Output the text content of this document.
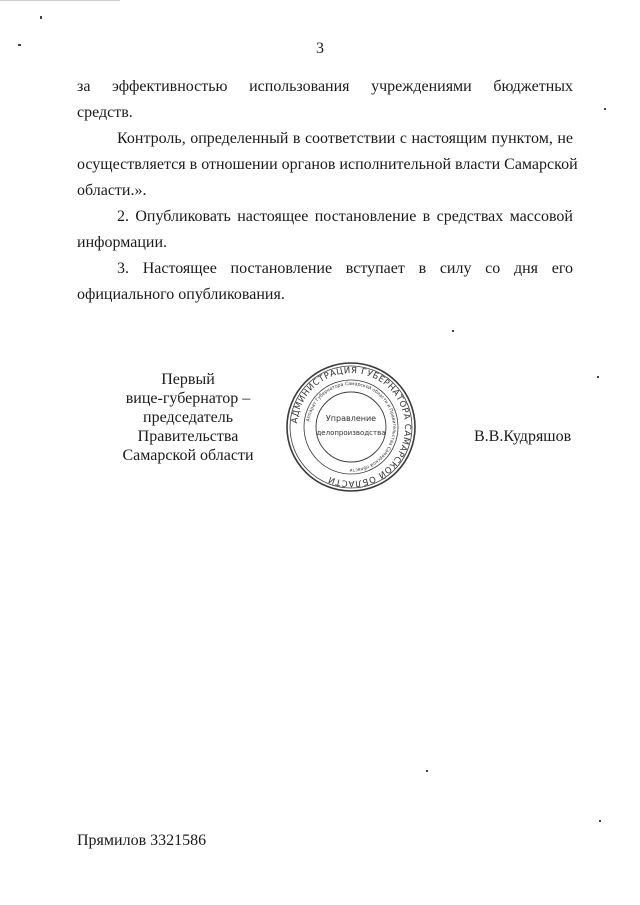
3
за эффективностью использования учреждениями бюджетных
средств.
Контроль, определенный в соответствии с настоящим пунктом, не
осуществляется в отношении органов исполнительной власти Самарской
области.».
2. Опубликовать настоящее постановление в средствах массовой
информации.
3. Настоящее постановление вступает в силу со дня его
официального опубликования.
Первый
вице-губернатор –
председатель Правительства
Самарской области
АДМИНИСТРАЦИЯ ГУБЕРНАТОРА САМАРСКОЙ ОБЛАСТИ
Аппарат Губернатора Самарской области и Правительства Самарской области
Управление
делопроизводства	В.В.Кудряшов
Прямилов 3321586
